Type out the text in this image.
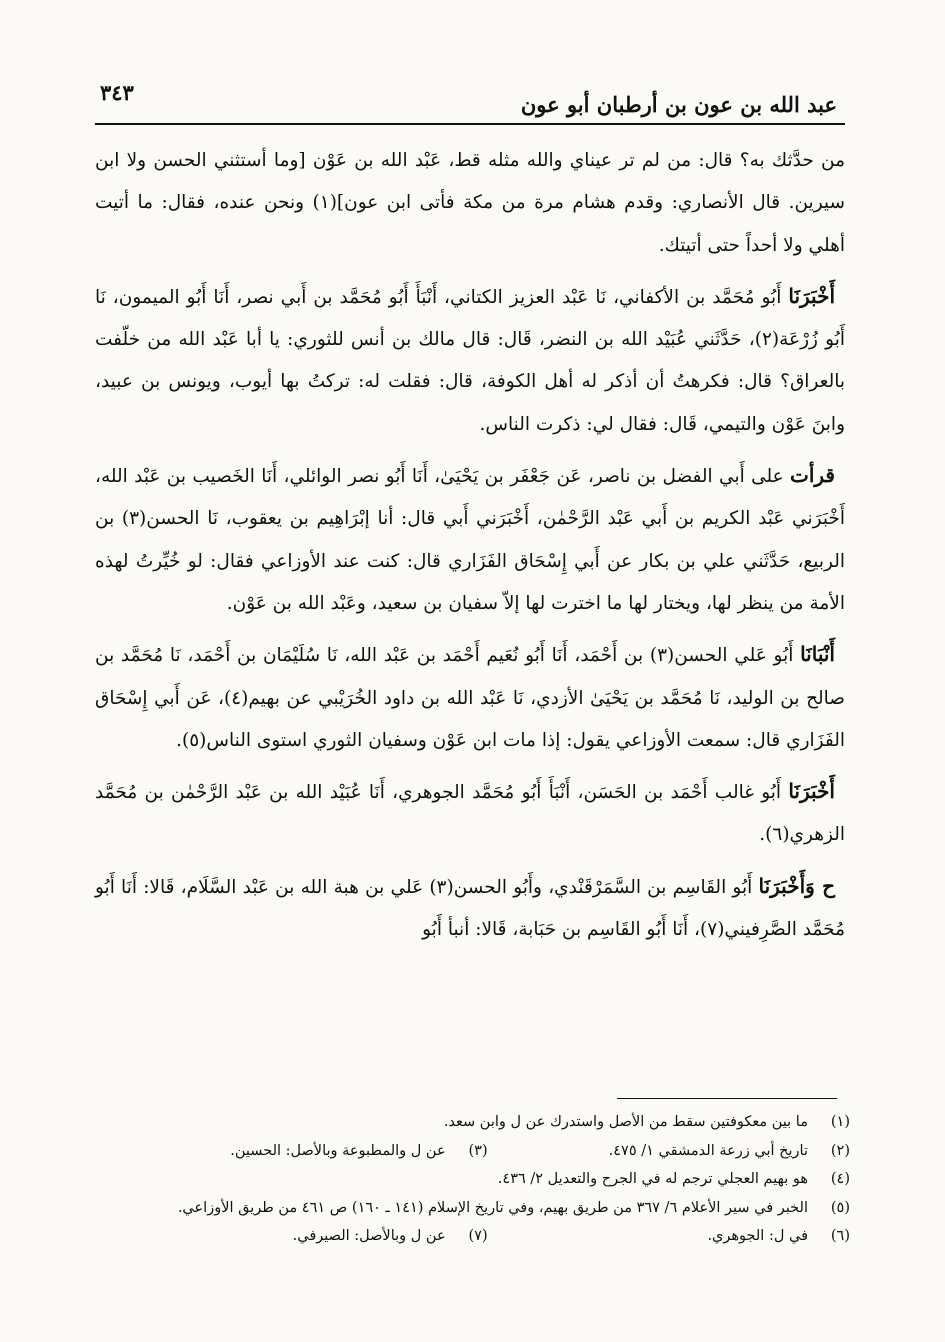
عبد الله بن عون بن أرطبان أبو عون
٣٤٣

من حدَّثك به؟ قال: من لم تر عيناي والله مثله قط، عَبْد الله بن عَوْن [وما أستثني الحسن ولا ابن سيرين. قال الأنصاري: وقدم هشام مرة من مكة فأتى ابن عون](١) ونحن عنده، فقال: ما أتيت أهلي ولا أحداً حتى أتيتك.

أَخْبَرَنَا أَبُو مُحَمَّد بن الأكفاني، نَا عَبْد العزيز الكتاني، أَنْبَأَ أَبُو مُحَمَّد بن أَبي نصر، أَنَا أَبُو الميمون، نَا أَبُو زُرْعَة(٢)، حَدَّثَني عُبَيْد الله بن النضر، قَال: قال مالك بن أنس للثوري: يا أبا عَبْد الله من خلّفت بالعراق؟ قال: فكرهتُ أن أذكر له أهل الكوفة، قال: فقلت له: تركتُ بها أيوب، ويونس بن عبيد، وابنَ عَوْن والتيمي، قَال: فقال لي: ذكرت الناس.

قرأت على أَبي الفضل بن ناصر، عَن جَعْفَر بن يَحْيَىٰ، أَنَا أَبُو نصر الوائلي، أَنَا الخَصيب بن عَبْد الله، أَخْبَرَني عَبْد الكريم بن أَبي عَبْد الرَّحْمٰن، أَخْبَرَني أَبي قال: أنا إبْرَاهِيم بن يعقوب، نَا الحسن(٣) بن الربيع، حَدَّثَني علي بن بكار عن أَبي إِسْحَاق الفَزَاري قال: كنت عند الأوزاعي فقال: لو خُيِّرتُ لهذه الأمة من ينظر لها، ويختار لها ما اخترت لها إلاّ سفيان بن سعيد، وعَبْد الله بن عَوْن.

أَنْبَانَا أَبُو عَلي الحسن(٣) بن أَحْمَد، أَنَا أَبُو نُعَيم أَحْمَد بن عَبْد الله، نَا سُلَيْمَان بن أَحْمَد، نَا مُحَمَّد بن صالح بن الوليد، نَا مُحَمَّد بن يَحْيَىٰ الأزدي، نَا عَبْد الله بن داود الخُرَيْبي عن بهيم(٤)، عَن أَبي إِسْحَاق الفَزَاري قال: سمعت الأوزاعي يقول: إذا مات ابن عَوْن وسفيان الثوري استوى الناس(٥).

أَخْبَرَنَا أَبُو غالب أَحْمَد بن الحَسَن، أَنْبَأَ أَبُو مُحَمَّد الجوهري، أَنَا عُبَيْد الله بن عَبْد الرَّحْمٰن بن مُحَمَّد الزهري(٦).

ح وَأَخْبَرَنَا أَبُو القَاسِم بن السَّمَرْقَنْدي، وأَبُو الحسن(٣) عَلي بن هبة الله بن عَبْد السَّلَام، قَالا: أَنَا أَبُو مُحَمَّد الصَّرِفيني(٧)، أَنَا أَبُو القَاسِم بن حَبَابة، قَالا: أنبأ أَبُو

(١)
ما بين معكوفتين سقط من الأصل واستدرك عن ل وابن سعد.
(٢)
تاريخ أبي زرعة الدمشقي ١/ ٤٧٥.
(٣)
عن ل والمطبوعة وبالأصل: الحسين.
(٤)
هو بهيم العجلي ترجم له في الجرح والتعديل ٢/ ٤٣٦.
(٥)
الخبر في سير الأعلام ٦/ ٣٦٧ من طريق بهيم، وفي تاريخ الإسلام (١٤١ ـ ١٦٠) ص ٤٦١ من طريق الأوزاعي.
(٦)
في ل: الجوهري.
(٧)
عن ل وبالأصل: الصيرفي.
